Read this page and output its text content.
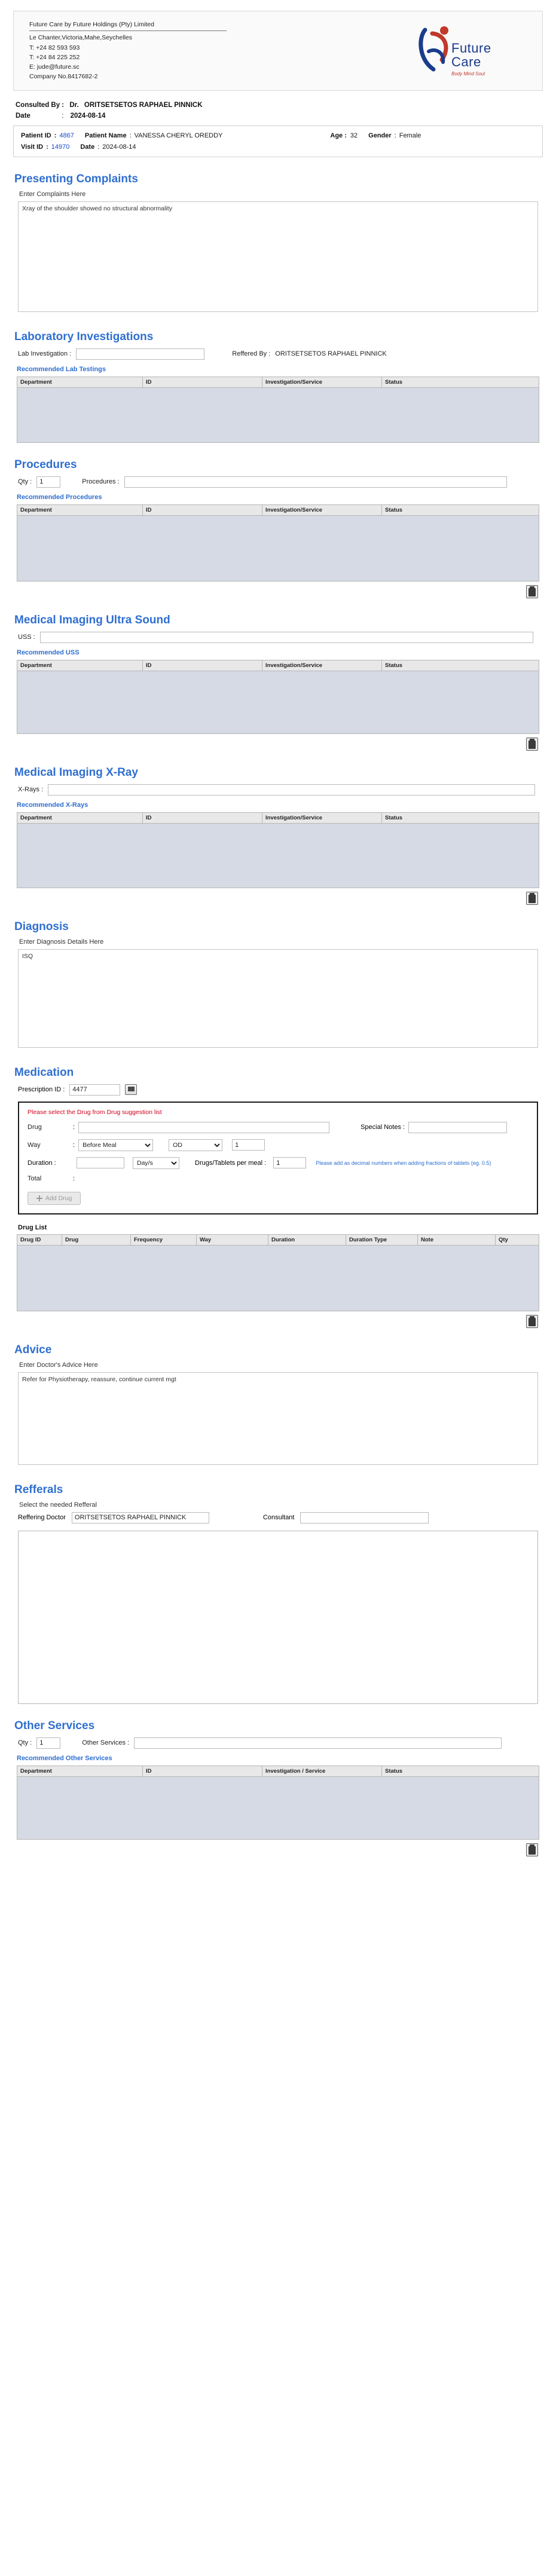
Future Care by Future Holdings (Pty) Limited
Le Chanter,Victoria,Mahe,Seychelles
T: +24 82 593 593
T: +24 84 225 252
E: jude@future.sc
Company No.8417682-2
Future
Care
Body Mind Soul
Consulted By : Dr. ORITSETSETOS RAPHAEL PINNICK
Date	: 2024-08-14
Patient ID : 4867 Patient Name : VANESSA CHERYL OREDDY	Age : 32 Gender : Female
Visit ID : 14970 Date : 2024-08-14
Presenting Complaints
Enter Complaints Here
Xray of the shoulder showed no structural abnormality
Laboratory Investigations
Lab Investigation :	Reffered By : ORITSETSETOS RAPHAEL PINNICK
Recommended Lab Testings
Department	ID	Investigation/Service	Status
Procedures
Qty :
1	Procedures :
Recommended Procedures
Department	ID	Investigation/Service	Status
Medical Imaging Ultra Sound
USS :
Recommended USS
Department	ID	Investigation/Service	Status
Medical Imaging X-Ray
X-Rays :
Recommended X-Rays
Department	ID	Investigation/Service	Status
Diagnosis
Enter Diagnosis Details Here
ISQ
Medication
Prescription ID :
4477
Please select the Drug from Drug suggestion list
Drug	:	Special Notes :
Way	:
Before Meal
OD
1
Duration :
Day/s	Drugs/Tablets per meal :
1	Please add as decimal numbers when adding fractions of tablets (eg. 0.5)
Total	:
Add Drug
Drug List
Drug ID	Drug	Frequency	Way	Duration	Duration Type	Note	Qty
Advice
Enter Doctor's Advice Here
Refer for Physiotherapy, reassure, continue current mgt
Refferals
Select the needed Refferal
Reffering Doctor
ORITSETSETOS RAPHAEL PINNICK	Consultant
Other Services
Qty :
1	Other Services :
Recommended Other Services
Department	ID	Investigation / Service	Status
